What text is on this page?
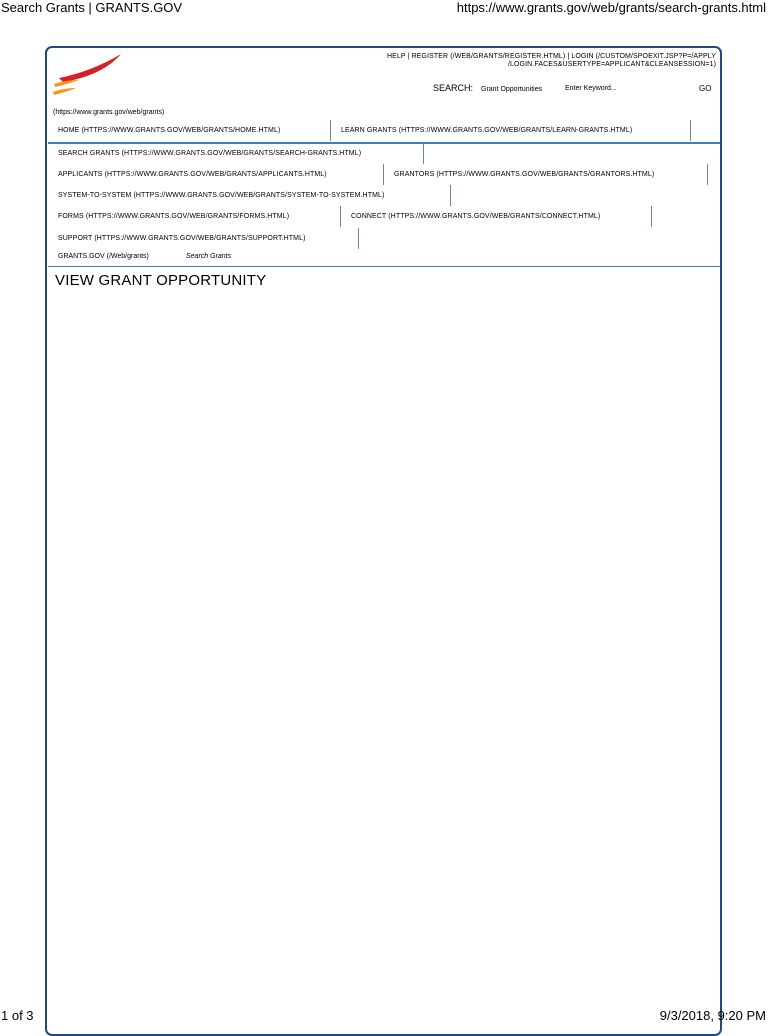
Search Grants | GRANTS.GOV	https://www.grants.gov/web/grants/search-grants.html
HELP | REGISTER (/WEB/GRANTS/REGISTER.HTML) | LOGIN (/CUSTOM/SPOEXIT.JSP?P=/APPLY
/LOGIN.FACES&USERTYPE=APPLICANT&CLEANSESSION=1)
SEARCH: Grant Opportunities	Enter Keyword...	GO
(https://www.grants.gov/web/grants)
HOME (HTTPS://WWW.GRANTS.GOV/WEB/GRANTS/HOME.HTML)	LEARN GRANTS (HTTPS://WWW.GRANTS.GOV/WEB/GRANTS/LEARN-GRANTS.HTML)
SEARCH GRANTS (HTTPS://WWW.GRANTS.GOV/WEB/GRANTS/SEARCH-GRANTS.HTML)
APPLICANTS (HTTPS://WWW.GRANTS.GOV/WEB/GRANTS/APPLICANTS.HTML)	GRANTORS (HTTPS://WWW.GRANTS.GOV/WEB/GRANTS/GRANTORS.HTML)
SYSTEM-TO-SYSTEM (HTTPS://WWW.GRANTS.GOV/WEB/GRANTS/SYSTEM-TO-SYSTEM.HTML)
FORMS (HTTPS://WWW.GRANTS.GOV/WEB/GRANTS/FORMS.HTML)	CONNECT (HTTPS://WWW.GRANTS.GOV/WEB/GRANTS/CONNECT.HTML)
SUPPORT (HTTPS://WWW.GRANTS.GOV/WEB/GRANTS/SUPPORT.HTML)
GRANTS.GOV (/Web/grants)	Search Grants
VIEW GRANT OPPORTUNITY
1 of 3	9/3/2018, 9:20 PM
